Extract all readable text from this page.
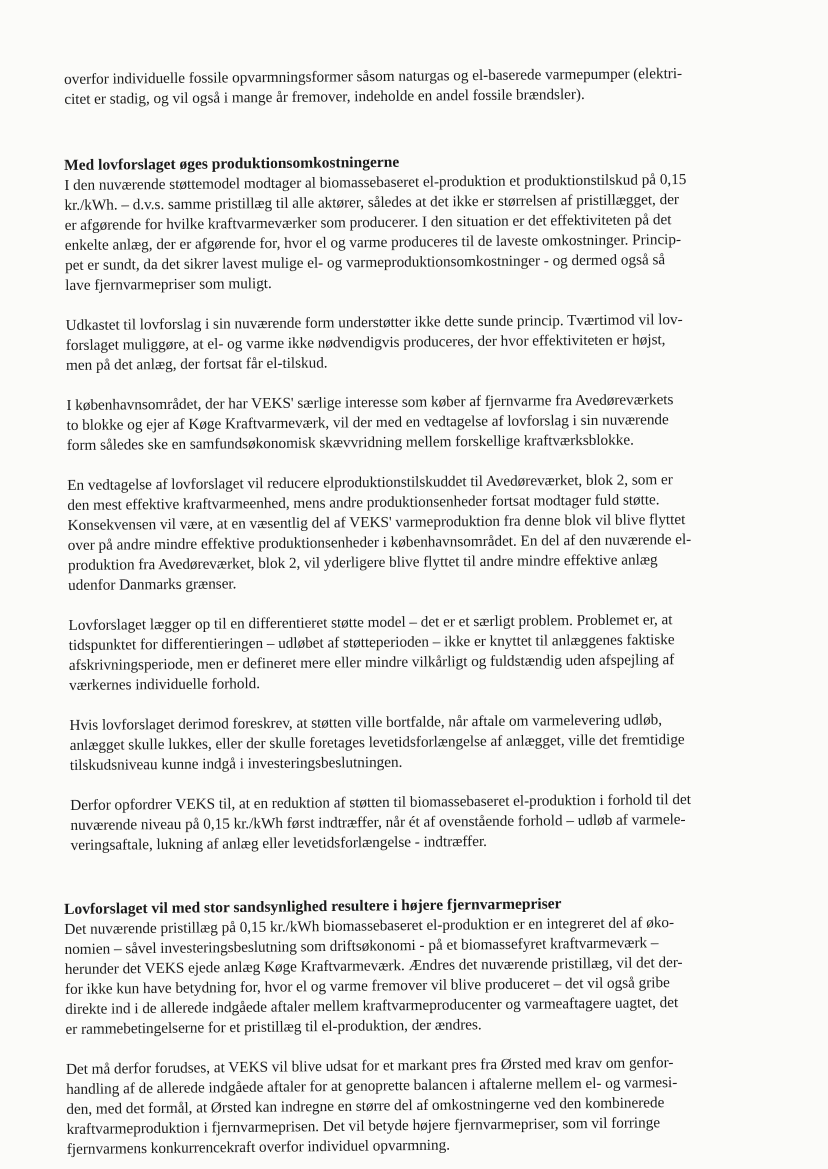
overfor individuelle fossile opvarmningsformer såsom naturgas og el-baserede varmepumper (elektri-
citet er stadig, og vil også i mange år fremover, indeholde en andel fossile brændsler).
Med lovforslaget øges produktionsomkostningerne
I den nuværende støttemodel modtager al biomassebaseret el-produktion et produktionstilskud på 0,15
kr./kWh. – d.v.s. samme pristillæg til alle aktører, således at det ikke er størrelsen af pristillægget, der
er afgørende for hvilke kraftvarmeværker som producerer. I den situation er det effektiviteten på det
enkelte anlæg, der er afgørende for, hvor el og varme produceres til de laveste omkostninger. Princip-
pet er sundt, da det sikrer lavest mulige el- og varmeproduktionsomkostninger - og dermed også så
lave fjernvarmepriser som muligt.
Udkastet til lovforslag i sin nuværende form understøtter ikke dette sunde princip. Tværtimod vil lov-
forslaget muliggøre, at el- og varme ikke nødvendigvis produceres, der hvor effektiviteten er højst,
men på det anlæg, der fortsat får el-tilskud.
I københavnsområdet, der har VEKS' særlige interesse som køber af fjernvarme fra Avedøreværkets
to blokke og ejer af Køge Kraftvarmeværk, vil der med en vedtagelse af lovforslag i sin nuværende
form således ske en samfundsøkonomisk skævvridning mellem forskellige kraftværksblokke.
En vedtagelse af lovforslaget vil reducere elproduktionstilskuddet til Avedøreværket, blok 2, som er
den mest effektive kraftvarmeenhed, mens andre produktionsenheder fortsat modtager fuld støtte.
Konsekvensen vil være, at en væsentlig del af VEKS' varmeproduktion fra denne blok vil blive flyttet
over på andre mindre effektive produktionsenheder i københavnsområdet. En del af den nuværende el-
produktion fra Avedøreværket, blok 2, vil yderligere blive flyttet til andre mindre effektive anlæg
udenfor Danmarks grænser.
Lovforslaget lægger op til en differentieret støtte model – det er et særligt problem. Problemet er, at
tidspunktet for differentieringen – udløbet af støtteperioden – ikke er knyttet til anlæggenes faktiske
afskrivningsperiode, men er defineret mere eller mindre vilkårligt og fuldstændig uden afspejling af
værkernes individuelle forhold.
Hvis lovforslaget derimod foreskrev, at støtten ville bortfalde, når aftale om varmelevering udløb,
anlægget skulle lukkes, eller der skulle foretages levetidsforlængelse af anlægget, ville det fremtidige
tilskudsniveau kunne indgå i investeringsbeslutningen.
Derfor opfordrer VEKS til, at en reduktion af støtten til biomassebaseret el-produktion i forhold til det
nuværende niveau på 0,15 kr./kWh først indtræffer, når ét af ovenstående forhold – udløb af varmele-
veringsaftale, lukning af anlæg eller levetidsforlængelse - indtræffer.
Lovforslaget vil med stor sandsynlighed resultere i højere fjernvarmepriser
Det nuværende pristillæg på 0,15 kr./kWh biomassebaseret el-produktion er en integreret del af øko-
nomien – såvel investeringsbeslutning som driftsøkonomi - på et biomassefyret kraftvarmeværk –
herunder det VEKS ejede anlæg Køge Kraftvarmeværk. Ændres det nuværende pristillæg, vil det der-
for ikke kun have betydning for, hvor el og varme fremover vil blive produceret – det vil også gribe
direkte ind i de allerede indgåede aftaler mellem kraftvarmeproducenter og varmeaftagere uagtet, det
er rammebetingelserne for et pristillæg til el-produktion, der ændres.
Det må derfor forudses, at VEKS vil blive udsat for et markant pres fra Ørsted med krav om genfor-
handling af de allerede indgåede aftaler for at genoprette balancen i aftalerne mellem el- og varmesi-
den, med det formål, at Ørsted kan indregne en større del af omkostningerne ved den kombinerede
kraftvarmeproduktion i fjernvarmeprisen. Det vil betyde højere fjernvarmepriser, som vil forringe
fjernvarmens konkurrencekraft overfor individuel opvarmning.
